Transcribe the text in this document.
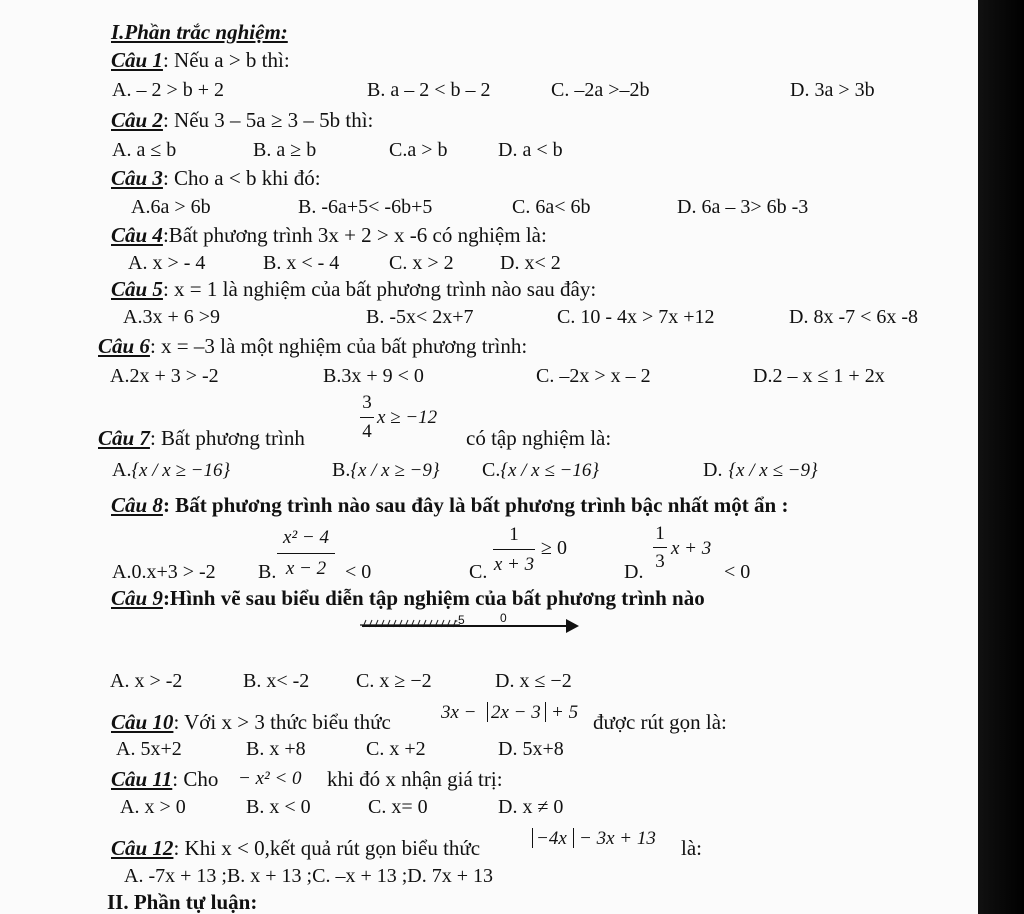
I.Phần trắc nghiệm:
Câu 1: Nếu a > b thì:
A. – 2 > b + 2	B. a – 2 < b – 2	C. –2a >–2b	D. 3a > 3b
Câu 2: Nếu 3 – 5a ≥ 3 – 5b thì:
A. a ≤ b	B. a ≥ b	C.a > b	D. a < b
Câu 3: Cho a < b khi đó:
A.6a > 6b	B. -6a+5< -6b+5	C. 6a< 6b	D. 6a – 3> 6b -3
Câu 4:Bất phương trình 3x + 2 > x -6 có nghiệm là:
A. x > - 4	B. x < - 4 C. x > 2 D. x< 2
Câu 5: x = 1 là nghiệm của bất phương trình nào sau đây:
A.3x + 6 >9	B. -5x< 2x+7	C. 10 - 4x > 7x +12	D. 8x -7 < 6x -8
Câu 6: x = –3 là một nghiệm của bất phương trình:
A.2x + 3 > -2	B.3x + 9 < 0	C. –2x > x – 2	D.2 – x ≤ 1 + 2x
Câu 7: Bất phương trình
3
4
x ≥ −12
có tập nghiệm là:
A.{x / x ≥ −16}	B.{x / x ≥ −9} C.{x / x ≤ −16}	D. {x / x ≤ −9}
Câu 8: Bất phương trình nào sau đây là bất phương trình bậc nhất một ẩn :
A.0.x+3 > -2 B.
x² − 4
x − 2 < 0	C.
1
x + 3
≥ 0
D.
1
3
x + 3
< 0
Câu 9:Hình vẽ sau biểu diễn tập nghiệm của bất phương trình nào
-5	0
A. x > -2	B. x< -2 C. x ≥ −2	D. x ≤ −2
Câu 10: Với x > 3 thức biểu thức	3x − 2x − 3 + 5 được rút gọn là:
A. 5x+2	B. x +8	C. x +2	D. 5x+8
Câu 11: Cho − x² < 0 khi đó x nhận giá trị:
A. x > 0	B. x < 0	C. x= 0	D. x ≠ 0
Câu 12: Khi x < 0,kết quả rút gọn biểu thức	−4x − 3x + 13 là:
A. -7x + 13 ;B. x + 13 ;C. –x + 13 ;D. 7x + 13
II. Phần tự luận:
